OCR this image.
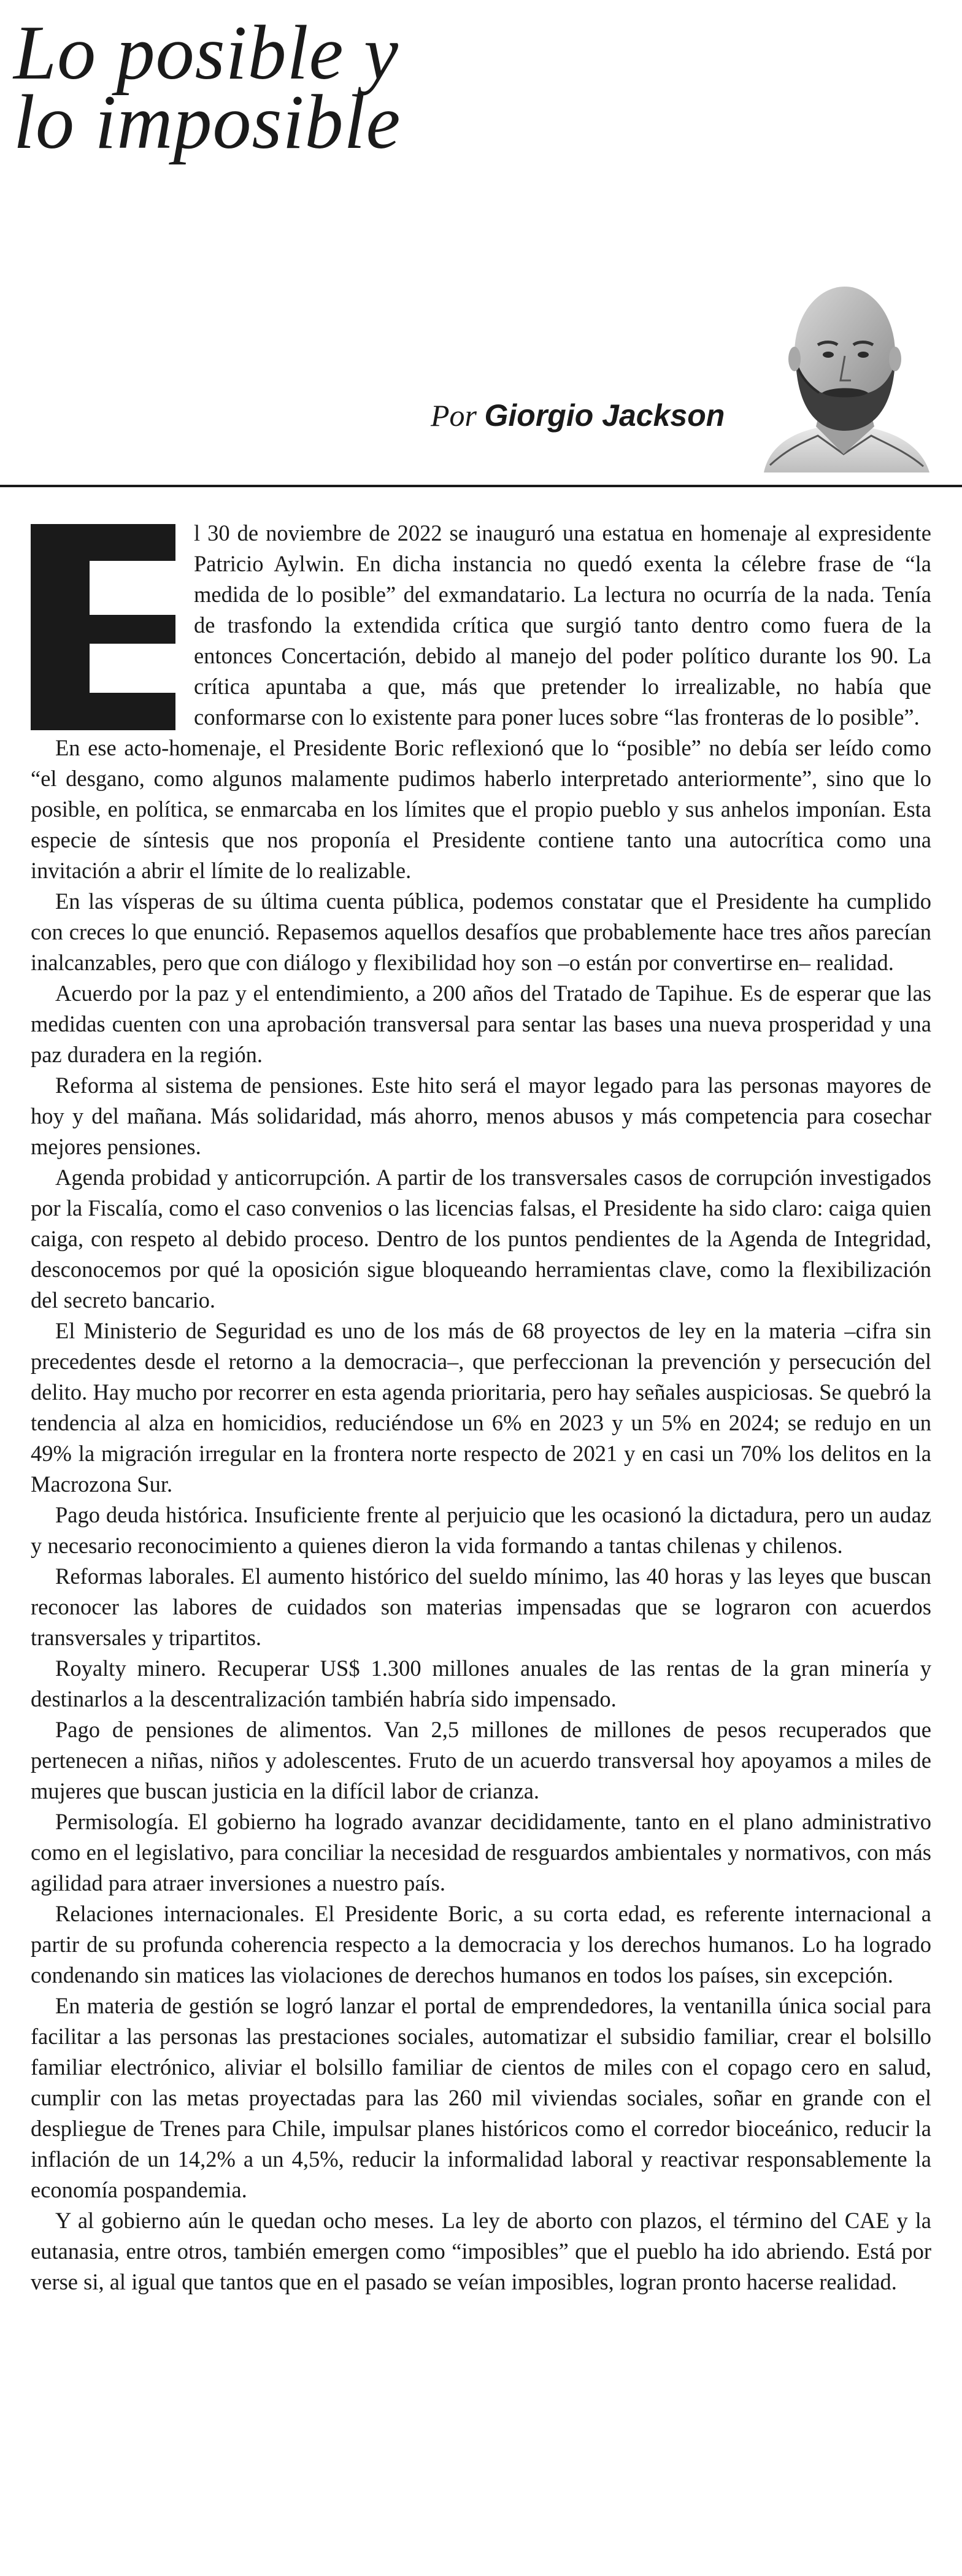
Lo posible y
lo imposible
Por Giorgio Jackson

l 30 de noviembre de 2022 se inauguró una estatua en homenaje al expresidente Patricio Aylwin. En dicha instancia no quedó exenta la célebre frase de “la medida de lo posible” del exmandatario. La lectura no ocurría de la nada. Tenía de trasfondo la extendida crítica que surgió tanto dentro como fuera de la entonces Concertación, debido al manejo del poder político durante los 90. La crítica apuntaba a que, más que pretender lo irrealizable, no había que conformarse con lo existente para poner luces sobre “las fronteras de lo posible”.

En ese acto-homenaje, el Presidente Boric reflexionó que lo “posible” no debía ser leído como “el desgano, como algunos malamente pudimos haberlo interpretado anteriormente”, sino que lo posible, en política, se enmarcaba en los límites que el propio pueblo y sus anhelos imponían. Esta especie de síntesis que nos proponía el Presidente contiene tanto una autocrítica como una invitación a abrir el límite de lo realizable.

En las vísperas de su última cuenta pública, podemos constatar que el Presidente ha cumplido con creces lo que enunció. Repasemos aquellos desafíos que probablemente hace tres años parecían inalcanzables, pero que con diálogo y flexibilidad hoy son –o están por convertirse en– realidad.

Acuerdo por la paz y el entendimiento, a 200 años del Tratado de Tapihue. Es de esperar que las medidas cuenten con una aprobación transversal para sentar las bases una nueva prosperidad y una paz duradera en la región.

Reforma al sistema de pensiones. Este hito será el mayor legado para las personas mayores de hoy y del mañana. Más solidaridad, más ahorro, menos abusos y más competencia para cosechar mejores pensiones.

Agenda probidad y anticorrupción. A partir de los transversales casos de corrupción investigados por la Fiscalía, como el caso convenios o las licencias falsas, el Presidente ha sido claro: caiga quien caiga, con respeto al debido proceso. Dentro de los puntos pendientes de la Agenda de Integridad, desconocemos por qué la oposición sigue bloqueando herramientas clave, como la flexibilización del secreto bancario.

El Ministerio de Seguridad es uno de los más de 68 proyectos de ley en la materia –cifra sin precedentes desde el retorno a la democracia–, que perfeccionan la prevención y persecución del delito. Hay mucho por recorrer en esta agenda prioritaria, pero hay señales auspiciosas. Se quebró la tendencia al alza en homicidios, reduciéndose un 6% en 2023 y un 5% en 2024; se redujo en un 49% la migración irregular en la frontera norte respecto de 2021 y en casi un 70% los delitos en la Macrozona Sur.

Pago deuda histórica. Insuficiente frente al perjuicio que les ocasionó la dictadura, pero un audaz y necesario reconocimiento a quienes dieron la vida formando a tantas chilenas y chilenos.

Reformas laborales. El aumento histórico del sueldo mínimo, las 40 horas y las leyes que buscan reconocer las labores de cuidados son materias impensadas que se lograron con acuerdos transversales y tripartitos.

Royalty minero. Recuperar US$ 1.300 millones anuales de las rentas de la gran minería y destinarlos a la descentralización también habría sido impensado.

Pago de pensiones de alimentos. Van 2,5 millones de millones de pesos recuperados que pertenecen a niñas, niños y adolescentes. Fruto de un acuerdo transversal hoy apoyamos a miles de mujeres que buscan justicia en la difícil labor de crianza.

Permisología. El gobierno ha logrado avanzar decididamente, tanto en el plano administrativo como en el legislativo, para conciliar la necesidad de resguardos ambientales y normativos, con más agilidad para atraer inversiones a nuestro país.

Relaciones internacionales. El Presidente Boric, a su corta edad, es referente internacional a partir de su profunda coherencia respecto a la democracia y los derechos humanos. Lo ha logrado condenando sin matices las violaciones de derechos humanos en todos los países, sin excepción.

En materia de gestión se logró lanzar el portal de emprendedores, la ventanilla única social para facilitar a las personas las prestaciones sociales, automatizar el subsidio familiar, crear el bolsillo familiar electrónico, aliviar el bolsillo familiar de cientos de miles con el copago cero en salud, cumplir con las metas proyectadas para las 260 mil viviendas sociales, soñar en grande con el despliegue de Trenes para Chile, impulsar planes históricos como el corredor bioceánico, reducir la inflación de un 14,2% a un 4,5%, reducir la informalidad laboral y reactivar responsablemente la economía pospandemia.

Y al gobierno aún le quedan ocho meses. La ley de aborto con plazos, el término del CAE y la eutanasia, entre otros, también emergen como “imposibles” que el pueblo ha ido abriendo. Está por verse si, al igual que tantos que en el pasado se veían imposibles, logran pronto hacerse realidad.
